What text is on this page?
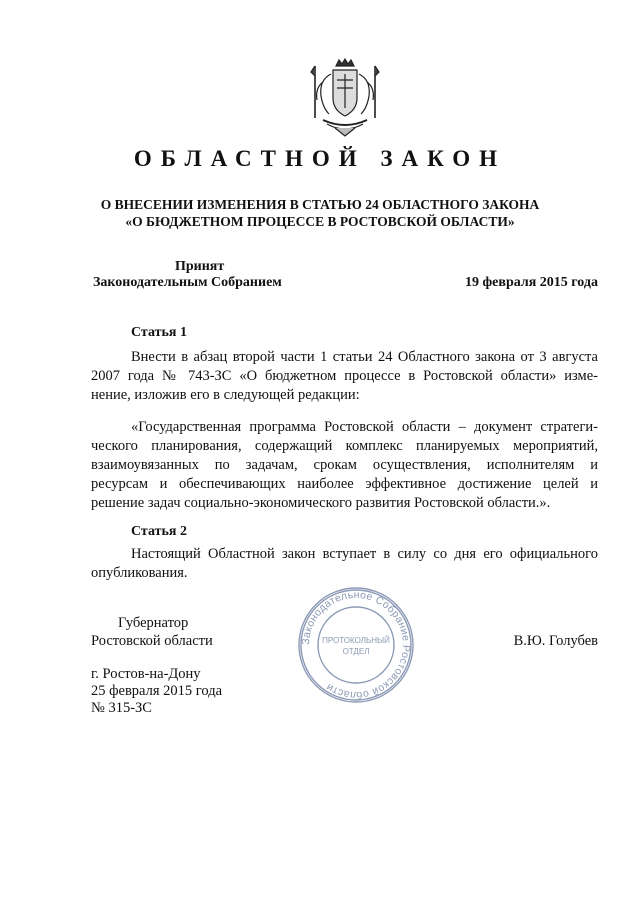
ОБЛАСТНОЙ ЗАКОН
О ВНЕСЕНИИ ИЗМЕНЕНИЯ В СТАТЬЮ 24 ОБЛАСТНОГО ЗАКОНА
«О БЮДЖЕТНОМ ПРОЦЕССЕ В РОСТОВСКОЙ ОБЛАСТИ»
Принят
Законодательным Собранием	19 февраля 2015 года
Статья 1
Внести в абзац второй части 1 статьи 24 Областного закона от 3 августа
2007 года № 743-ЗС «О бюджетном процессе в Ростовской области» изме-
нение, изложив его в следующей редакции:
«Государственная программа Ростовской области – документ стратеги-
ческого планирования, содержащий комплекс планируемых мероприятий,
взаимоувязанных по задачам, срокам осуществления, исполнителям и
ресурсам и обеспечивающих наиболее эффективное достижение целей и
решение задач социально-экономического развития Ростовской области.».
Статья 2
Настоящий Областной закон вступает в силу со дня его официального
опубликования.
Законодательное Собрание Ростовской области
ПРОТОКОЛЬНЫЙ
ОТДЕЛ
Губернатор
Ростовской области	В.Ю. Голубев
г. Ростов-на-Дону
25 февраля 2015 года
№ 315-ЗС
